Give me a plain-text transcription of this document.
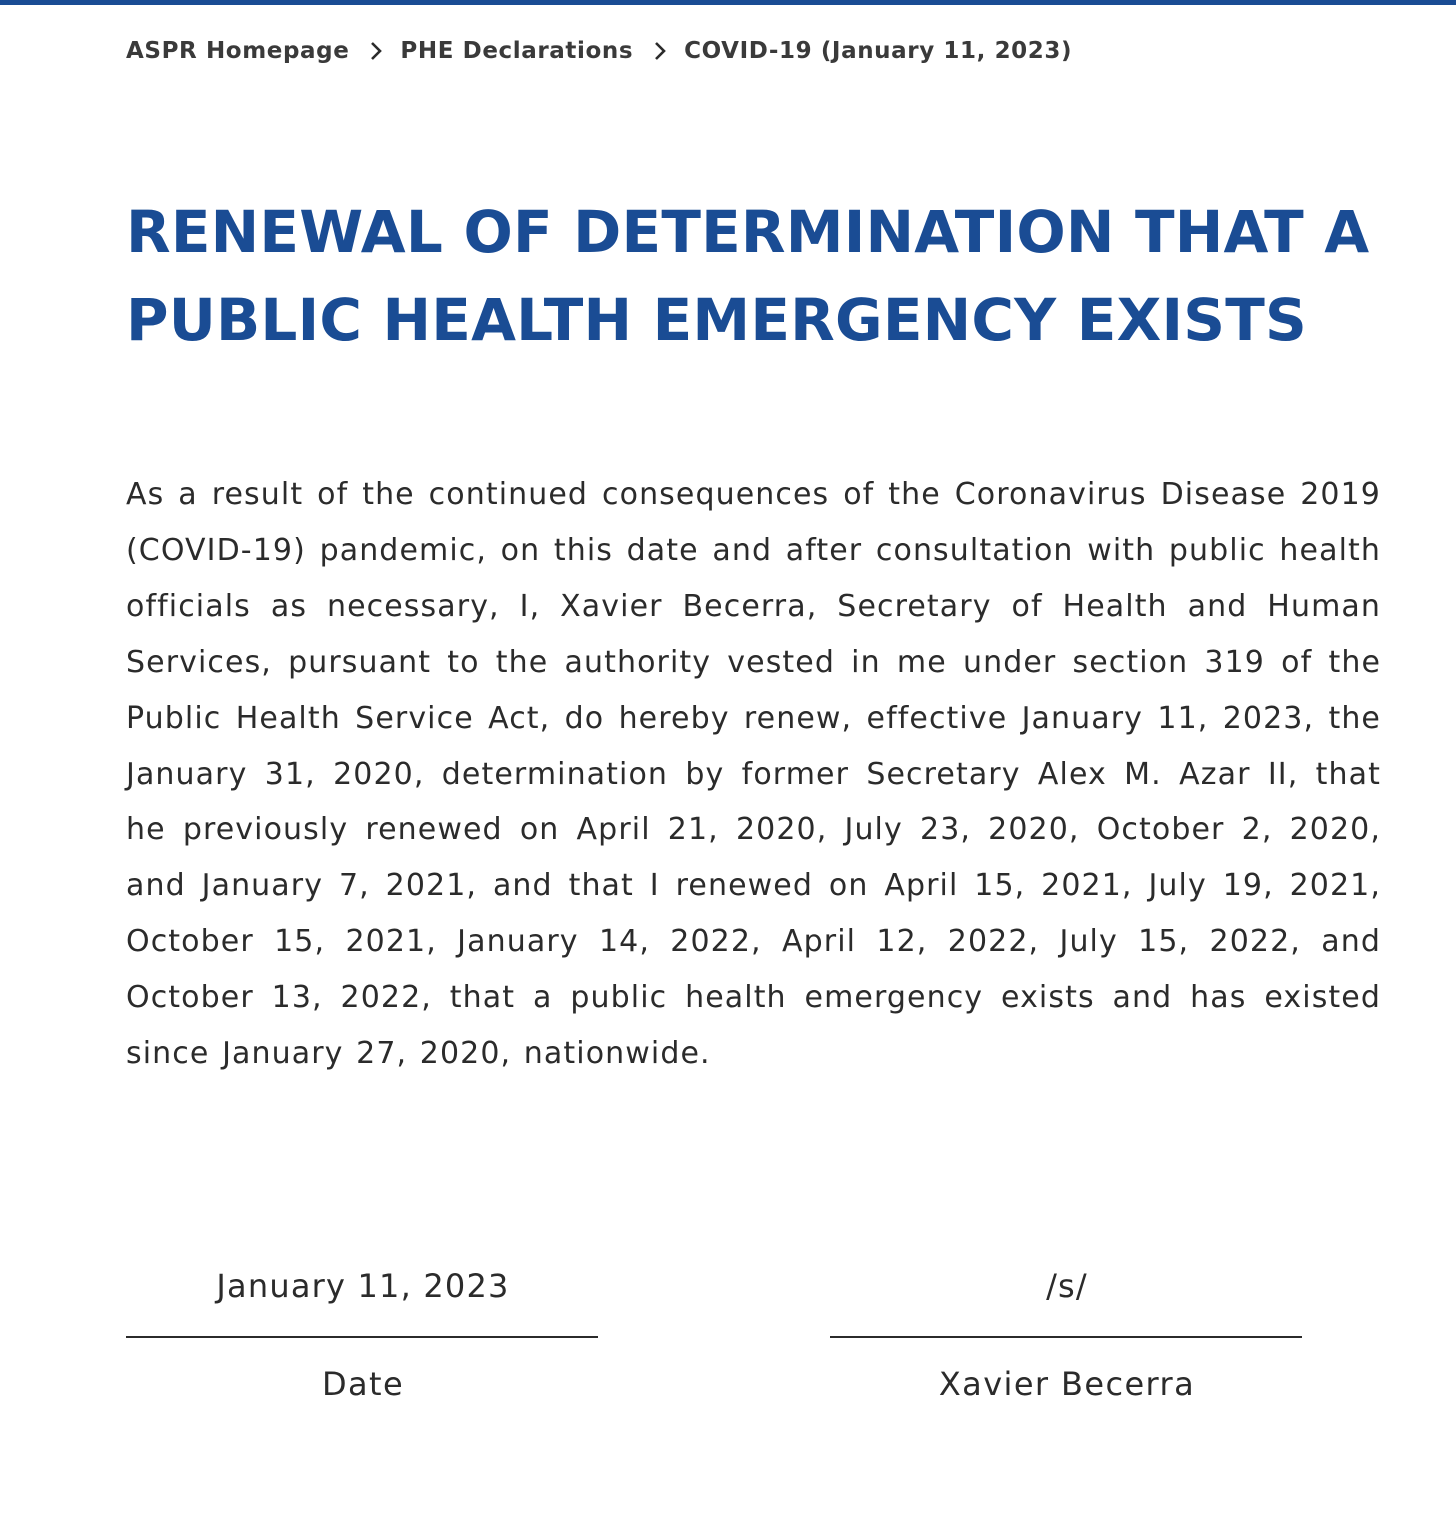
ASPR Homepage PHE Declarations COVID-19 (January 11, 2023)
RENEWAL OF DETERMINATION THAT A
PUBLIC HEALTH EMERGENCY EXISTS

As a result of the continued consequences of the Coronavirus Disease 2019 (COVID-19) pandemic, on this date and after consultation with public health officials as necessary, I, Xavier Becerra, Secretary of Health and Human Services, pursuant to the authority vested in me under section 319 of the Public Health Service Act, do hereby renew, effective January 11, 2023, the January 31, 2020, determination by former Secretary Alex M. Azar II, that he previously renewed on April 21, 2020, July 23, 2020, October 2, 2020, and January 7, 2021, and that I renewed on April 15, 2021, July 19, 2021, October 15, 2021, January 14, 2022, April 12, 2022, July 15, 2022, and October 13, 2022, that a public health emergency exists and has existed since January 27, 2020, nationwide.

January 11, 2023
Date
/s/
Xavier Becerra
